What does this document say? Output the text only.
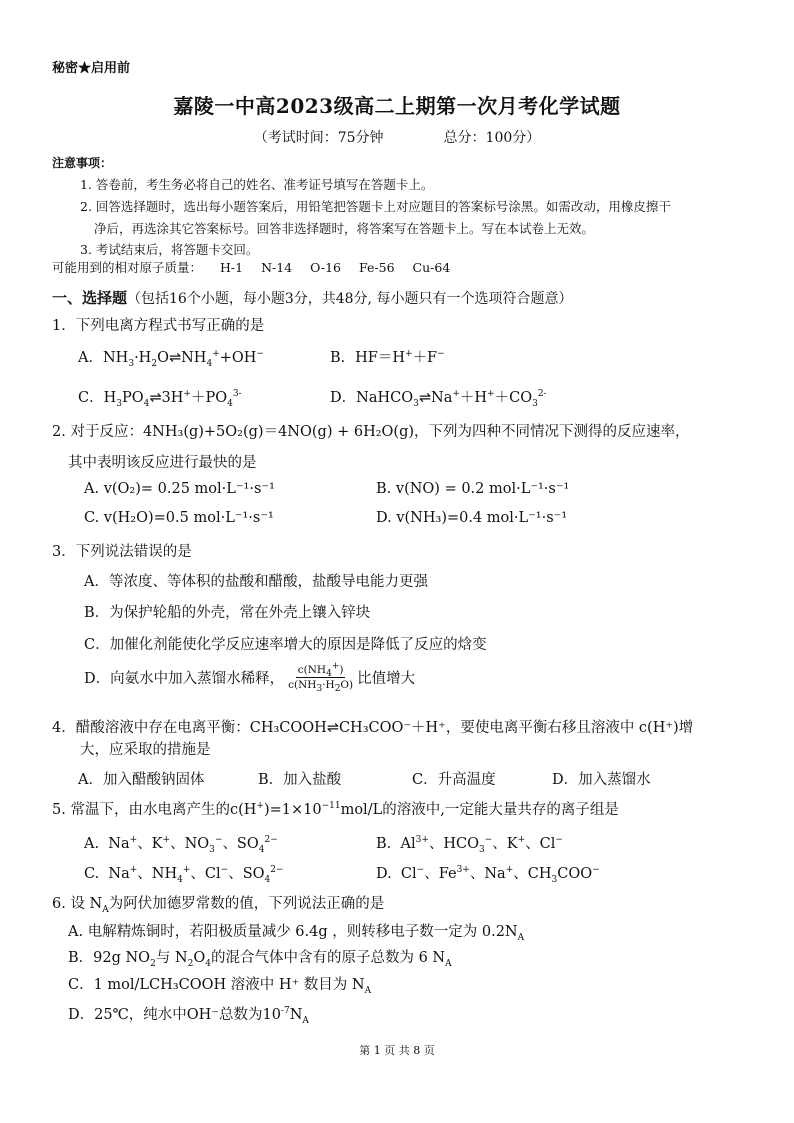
秘密★启用前
嘉陵一中高2023级高二上期第一次月考化学试题
（考试时间：75分钟	总分：100分）
注意事项：
1. 答卷前，考生务必将自己的姓名、准考证号填写在答题卡上。
2. 回答选择题时，选出每小题答案后，用铅笔把答题卡上对应题目的答案标号涂黑。如需改动，用橡皮擦干
净后，再选涂其它答案标号。回答非选择题时，将答案写在答题卡上。写在本试卷上无效。
3. 考试结束后，将答题卡交回。
可能用到的相对原子质量： H-1 N-14 O-16 Fe-56 Cu-64
一、选择题（包括16个小题，每小题3分，共48分, 每小题只有一个选项符合题意）
1．下列电离方程式书写正确的是
A．$NH_3\cdot H_2O\rightleftharpoons NH_4^++OH^-$	B．HF＝H+＋F−
C．$H_3PO_4\rightleftharpoons 3H^++PO_4^{3-}$	D．$NaHCO_3\rightleftharpoons Na^++H^++CO_3^{2-}$
2. 对于反应：4NH₃(g)+5O₂(g)＝4NO(g) + 6H₂O(g)，下列为四种不同情况下测得的反应速率，
其中表明该反应进行最快的是
A. v(O₂)= 0.25 mol·L⁻¹·s⁻¹	B. v(NO) = 0.2 mol·L⁻¹·s⁻¹
C. v(H₂O)=0.5 mol·L⁻¹·s⁻¹	D. v(NH₃)=0.4 mol·L⁻¹·s⁻¹
3．下列说法错误的是
A．等浓度、等体积的盐酸和醋酸，盐酸导电能力更强
B．为保护轮船的外壳，常在外壳上镶入锌块
C．加催化剂能使化学反应速率增大的原因是降低了反应的焓变
D．向氨水中加入蒸馏水稀释， $\frac{c(NH_4^+)}{c(NH_3\cdot H_2O)}$ 比值增大
4．醋酸溶液中存在电离平衡：CH₃COOH⇌CH₃COO⁻＋H⁺，要使电离平衡右移且溶液中 c(H⁺)增
大，应采取的措施是
A．加入醋酸钠固体	B．加入盐酸	C．升高温度	D．加入蒸馏水
5. 常温下，由水电离产生的$c(H^+)=1\times 10^{-11}mol/L$的溶液中,一定能大量共存的离子组是
A.  Na+、K+、$NO_3^-$、$SO_4^{2-}$	B.  $Al^{3+}$、$HCO_3^-$、K+、Cl−
C.  Na+、$NH_4^+$、Cl−、$SO_4^{2-}$	D.  Cl−、$Fe^{3+}$、Na+、$CH_3COO^-$
6. 设 $N_A$为阿伏加德罗常数的值，下列说法正确的是
A. 电解精炼铜时，若阳极质量减少 6.4g ，则转移电子数一定为 $0.2N_A$
B．92g $NO_2$与 $N_2O_4$的混合气体中含有的原子总数为 6 $N_A$
C．1 mol/LCH₃COOH 溶液中 H⁺ 数目为 $N_A$
D．25℃，纯水中OH⁻总数为$10^{-7}N_A$
第 1 页 共 8 页
